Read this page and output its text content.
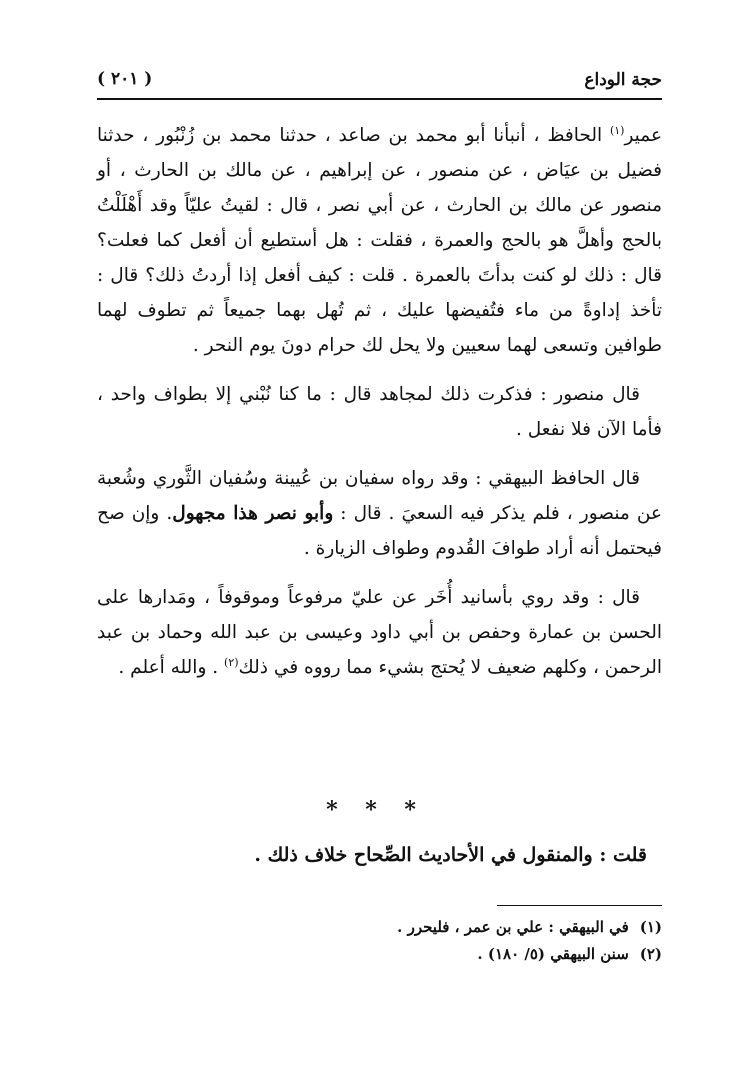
حجة الوداع
( ٢٠١ )

عمير$^{(١)}$ الحافظ ، أنبأنا أبو محمد بن صاعد ، حدثنا محمد بن زُنْبُور ، حدثنا فضيل بن عيَاض ، عن منصور ، عن إبراهيم ، عن مالك بن الحارث ، أو منصور عن مالك بن الحارث ، عن أبي نصر ، قال : لقيتُ عليّاً وقد أَهْلَلْتُ بالحج وأهلَّ هو بالحج والعمرة ، فقلت : هل أستطيع أن أفعل كما فعلت؟ قال : ذلك لو كنت بدأتَ بالعمرة . قلت : كيف أفعل إذا أردتُ ذلك؟ قال : تأخذ إداوةً من ماء فتُفيضها عليك ، ثم تُهل بهما جميعاً ثم تطوف لهما طوافين وتسعى لهما سعيين ولا يحل لك حرام دونَ يوم النحر .

قال منصور : فذكرت ذلك لمجاهد قال : ما كنا نُبْني إلا بطواف واحد ، فأما الآن فلا نفعل .

قال الحافظ البيهقي : وقد رواه سفيان بن عُيينة وسُفيان الثَّوري وشُعبة عن منصور ، فلم يذكر فيه السعيَ . قال : وأبو نصر هذا مجهول. وإن صح فيحتمل أنه أراد طوافَ القُدوم وطواف الزيارة .

قال : وقد روي بأسانيد أُخَر عن عليّ مرفوعاً وموقوفاً ، ومَدارها على الحسن بن عمارة وحفص بن أبي داود وعيسى بن عبد الله وحماد بن عبد الرحمن ، وكلهم ضعيف لا يُحتج بشيء مما رووه في ذلك$^{(٢)}$ . والله أعلم .

* * *
قلت : والمنقول في الأحاديث الصِّحاح خلاف ذلك .
(١) في البيهقي : علي بن عمر ، فليحرر .
(٢) سنن البيهقي (٥/ ١٨٠) .
